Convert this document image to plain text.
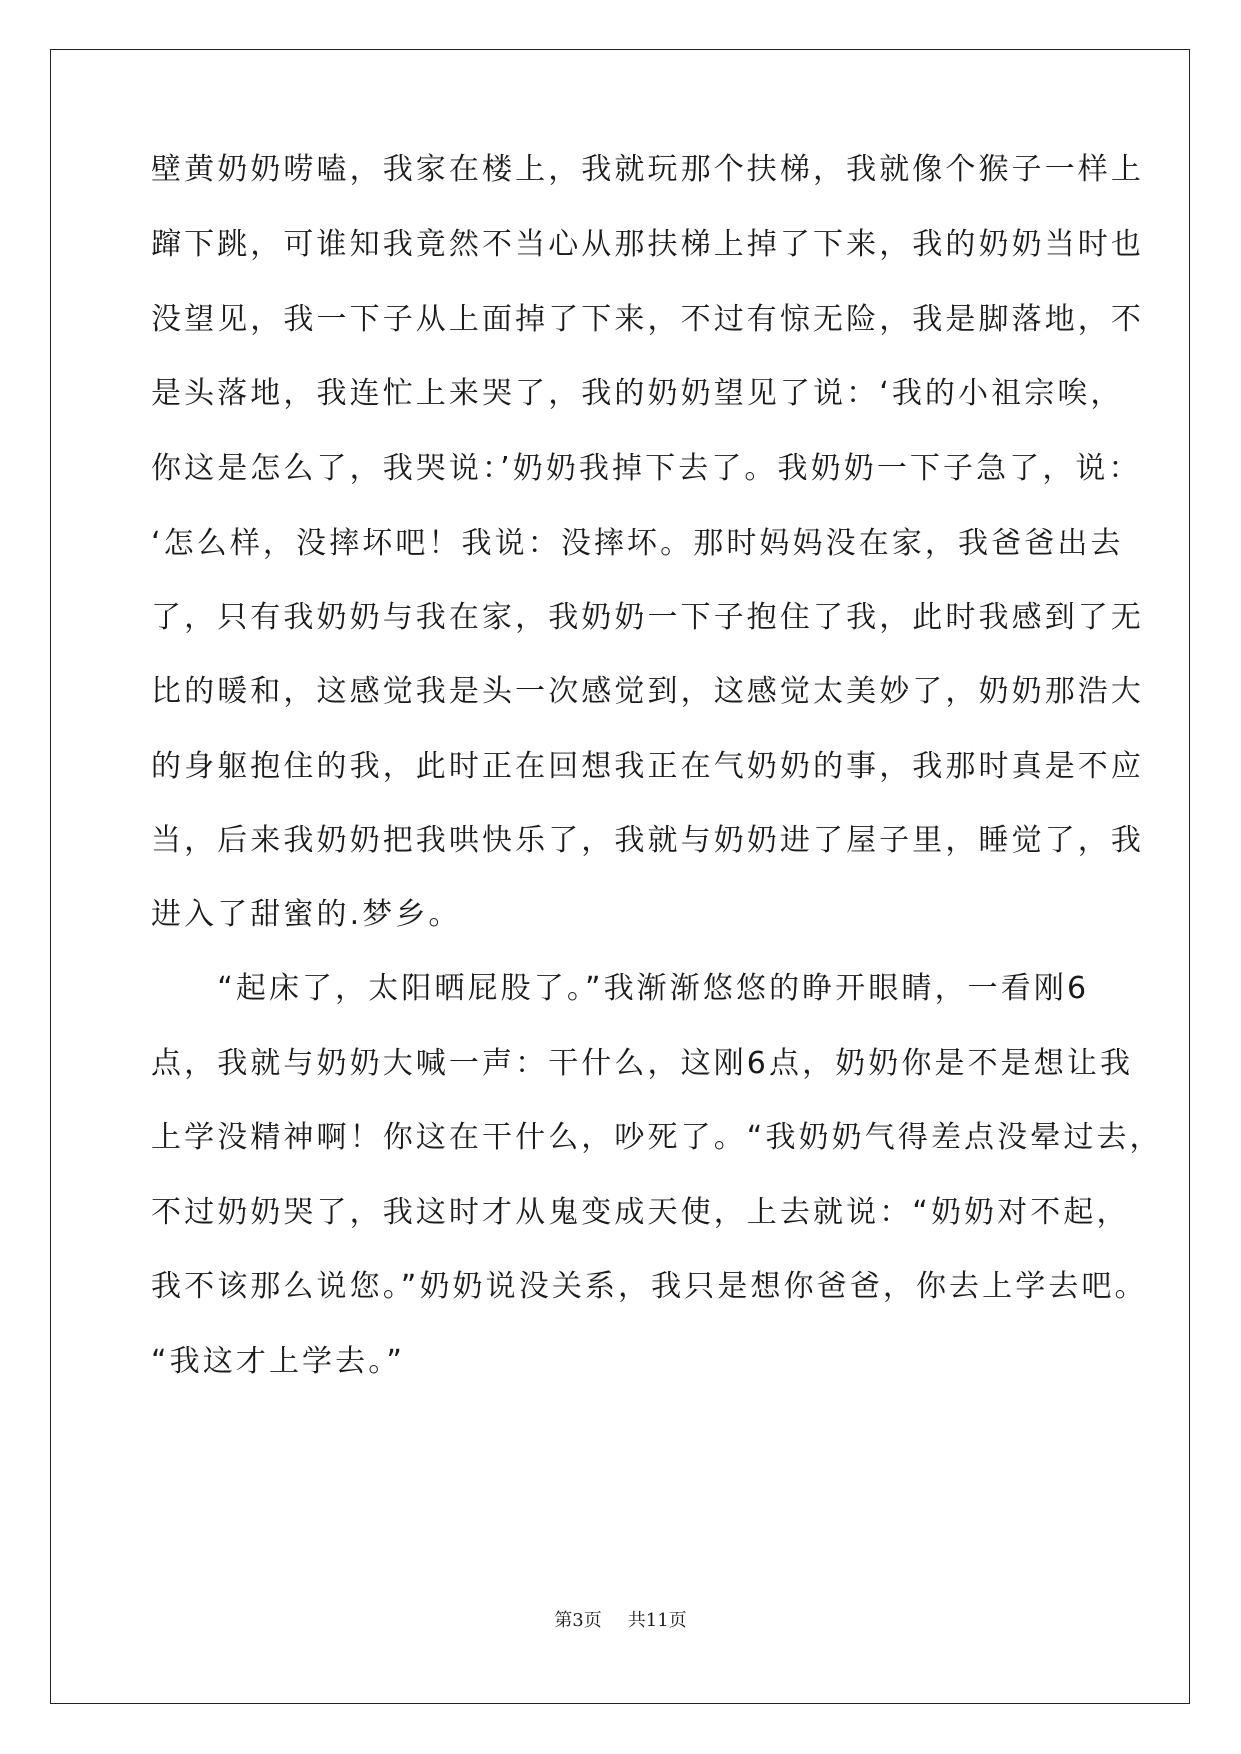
壁黄奶奶唠嗑，我家在楼上，我就玩那个扶梯，我就像个猴子一样上
蹿下跳，可谁知我竟然不当心从那扶梯上掉了下来，我的奶奶当时也
没望见，我一下子从上面掉了下来，不过有惊无险，我是脚落地，不
是头落地，我连忙上来哭了，我的奶奶望见了说：‘我的小祖宗唉，
你这是怎么了，我哭说：’奶奶我掉下去了。我奶奶一下子急了，说：
‘怎么样，没摔坏吧！我说：没摔坏。那时妈妈没在家，我爸爸出去
了，只有我奶奶与我在家，我奶奶一下子抱住了我，此时我感到了无
比的暖和，这感觉我是头一次感觉到，这感觉太美妙了，奶奶那浩大
的身躯抱住的我，此时正在回想我正在气奶奶的事，我那时真是不应
当，后来我奶奶把我哄快乐了，我就与奶奶进了屋子里，睡觉了，我
进入了甜蜜的.梦乡。
　　“起床了，太阳晒屁股了。”我渐渐悠悠的睁开眼睛，一看刚6
点，我就与奶奶大喊一声：干什么，这刚6点，奶奶你是不是想让我
上学没精神啊！你这在干什么，吵死了。“我奶奶气得差点没晕过去，
不过奶奶哭了，我这时才从鬼变成天使，上去就说：“奶奶对不起，
我不该那么说您。”奶奶说没关系，我只是想你爸爸，你去上学去吧。
“我这才上学去。”
第3页 共11页
